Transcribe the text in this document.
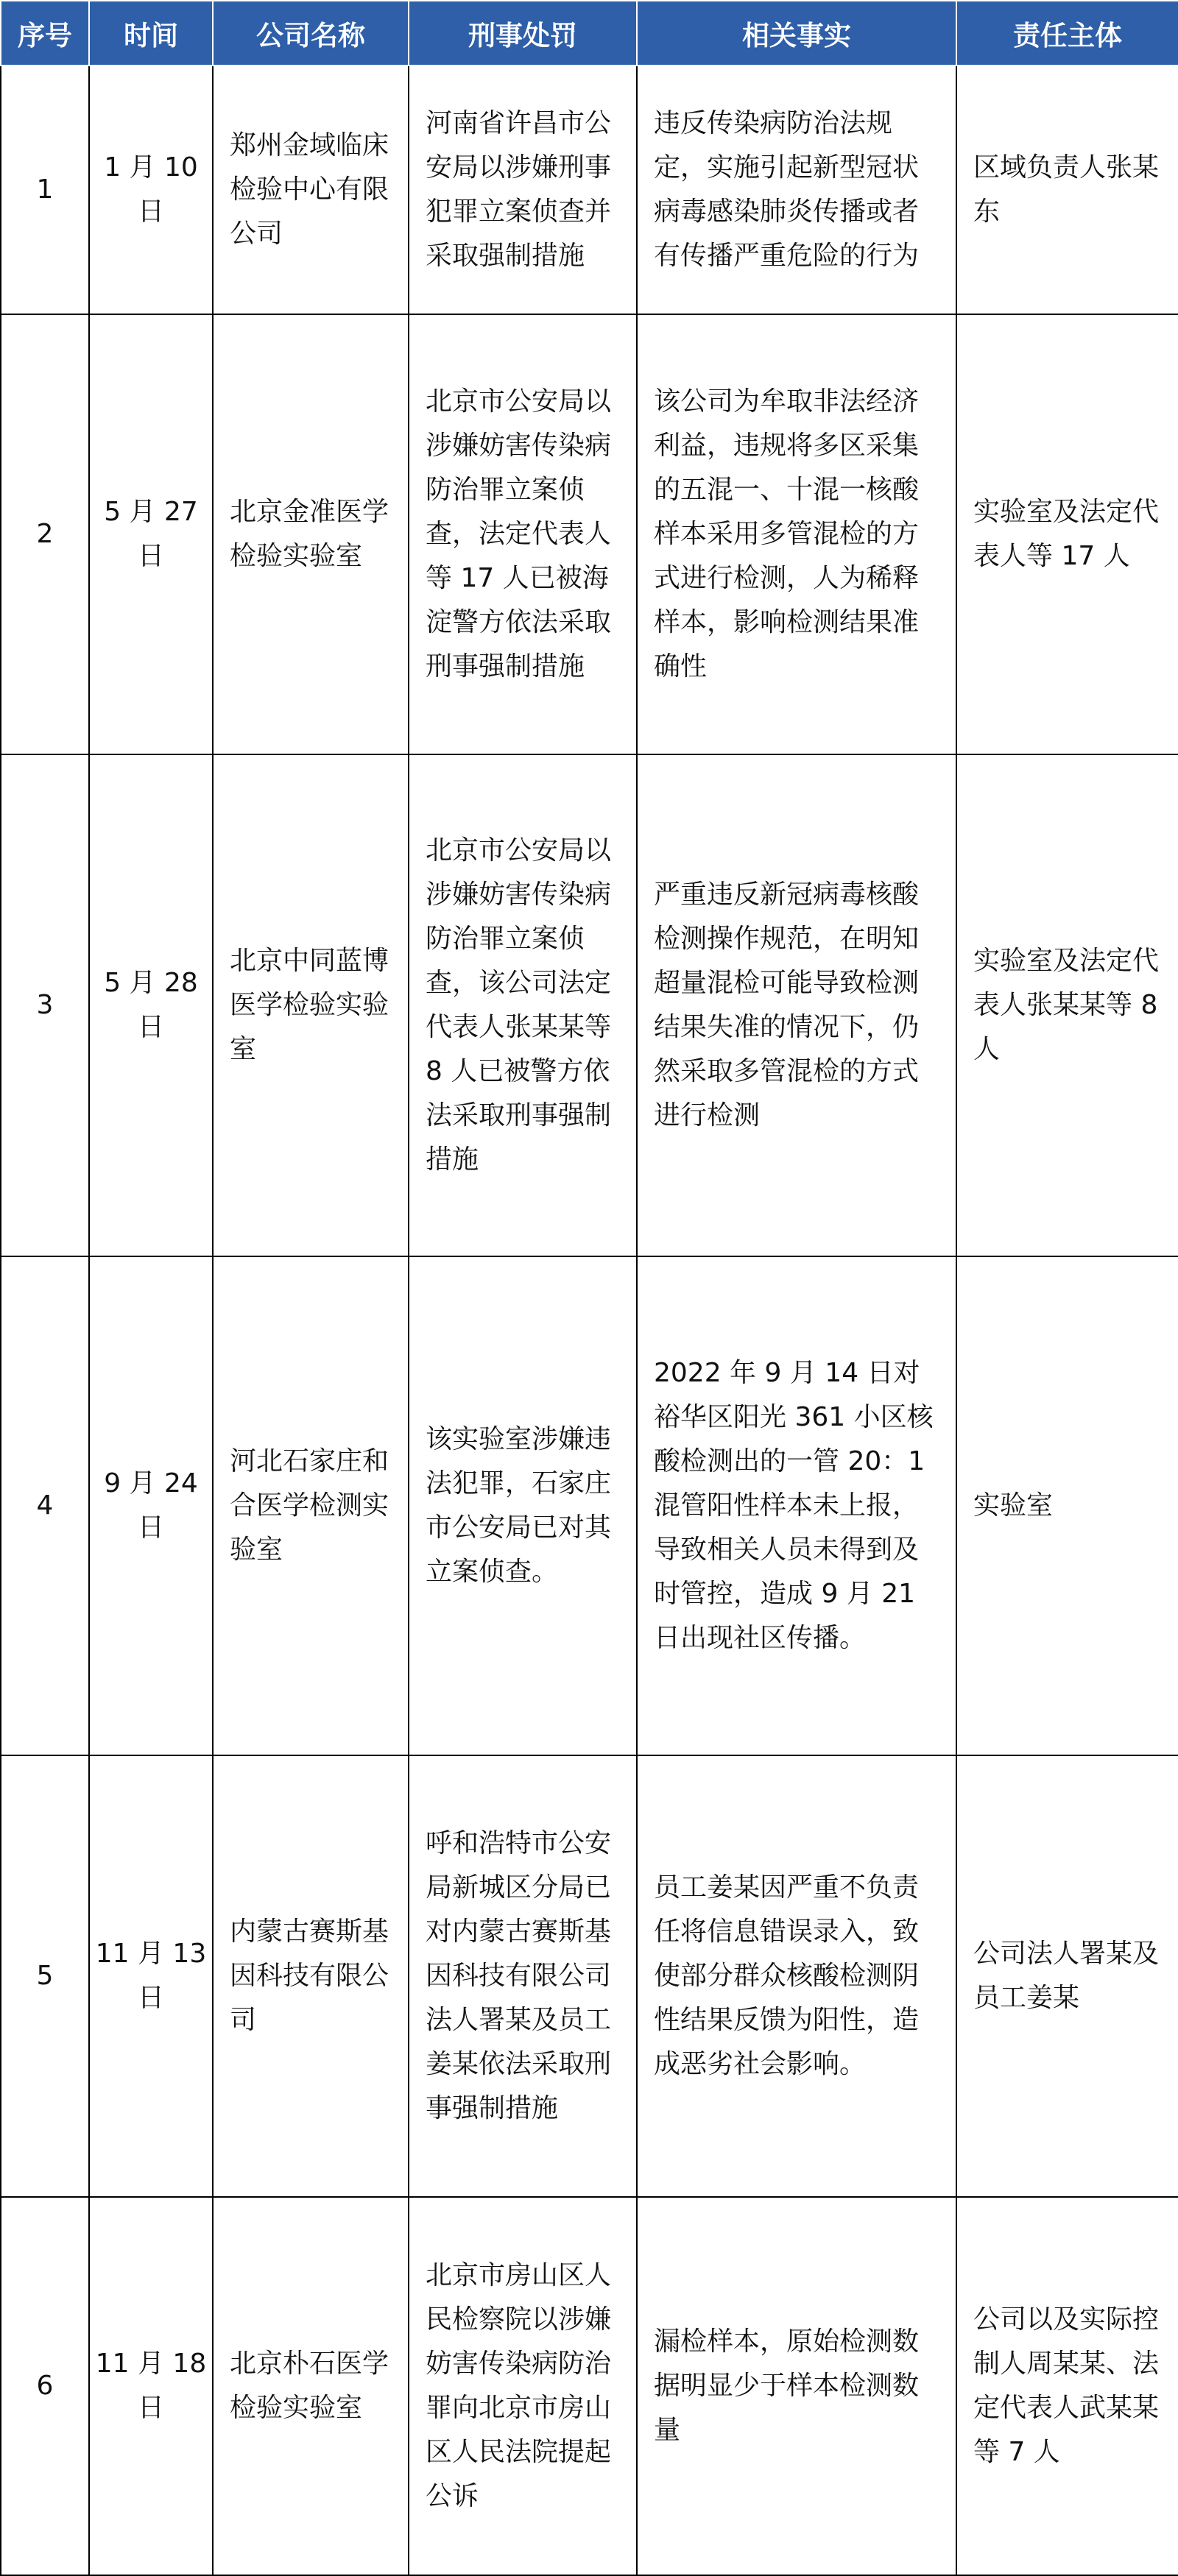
序号	时间	公司名称	刑事处罚	相关事实	责任主体
1	1 月 10 日	郑州金域临床检验中心有限公司	河南省许昌市公安局以涉嫌刑事犯罪立案侦查并采取强制措施	违反传染病防治法规定，实施引起新型冠状病毒感染肺炎传播或者有传播严重危险的行为	区域负责人张某东
2	5 月 27 日	北京金准医学检验实验室	北京市公安局以涉嫌妨害传染病防治罪立案侦查，法定代表人等 17 人已被海淀警方依法采取刑事强制措施	该公司为牟取非法经济利益，违规将多区采集的五混一、十混一核酸样本采用多管混检的方式进行检测，人为稀释样本，影响检测结果准确性	实验室及法定代表人等 17 人
3	5 月 28 日	北京中同蓝博医学检验实验室	北京市公安局以涉嫌妨害传染病防治罪立案侦查，该公司法定代表人张某某等 8 人已被警方依法采取刑事强制措施	严重违反新冠病毒核酸检测操作规范，在明知超量混检可能导致检测结果失准的情况下，仍然采取多管混检的方式进行检测	实验室及法定代表人张某某等 8 人
4	9 月 24 日	河北石家庄和合医学检测实验室	该实验室涉嫌违法犯罪，石家庄市公安局已对其立案侦查。	2022 年 9 月 14 日对裕华区阳光 361 小区核酸检测出的一管 20：1 混管阳性样本未上报，导致相关人员未得到及时管控，造成 9 月 21 日出现社区传播。	实验室
5	11 月 13 日	内蒙古赛斯基因科技有限公司	呼和浩特市公安局新城区分局已对内蒙古赛斯基因科技有限公司法人署某及员工姜某依法采取刑事强制措施	员工姜某因严重不负责任将信息错误录入，致使部分群众核酸检测阴性结果反馈为阳性，造成恶劣社会影响。	公司法人署某及员工姜某
6	11 月 18 日	北京朴石医学检验实验室	北京市房山区人民检察院以涉嫌妨害传染病防治罪向北京市房山区人民法院提起公诉	漏检样本，原始检测数据明显少于样本检测数量	公司以及实际控制人周某某、法定代表人武某某等 7 人
